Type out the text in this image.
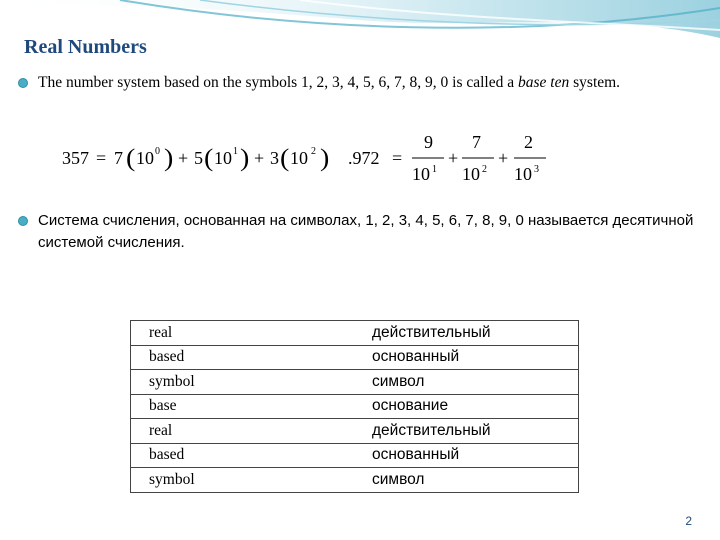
Real Numbers
The number system based on the symbols 1, 2, 3, 4, 5, 6, 7, 8, 9, 0 is called a base ten system.
357 = 7 ( 10 0 ) + 5 ( 10 1 ) + 3 ( 10 2 ) .972 =
9
10 1
+
7
10 2
+
2
10 3
Система счисления, основанная на символах, 1, 2, 3, 4, 5, 6, 7, 8, 9, 0 называется десятичной системой счисления.
real	действительный
based	основанный
symbol	символ
base	основание
real	действительный
based	основанный
symbol	символ
2
